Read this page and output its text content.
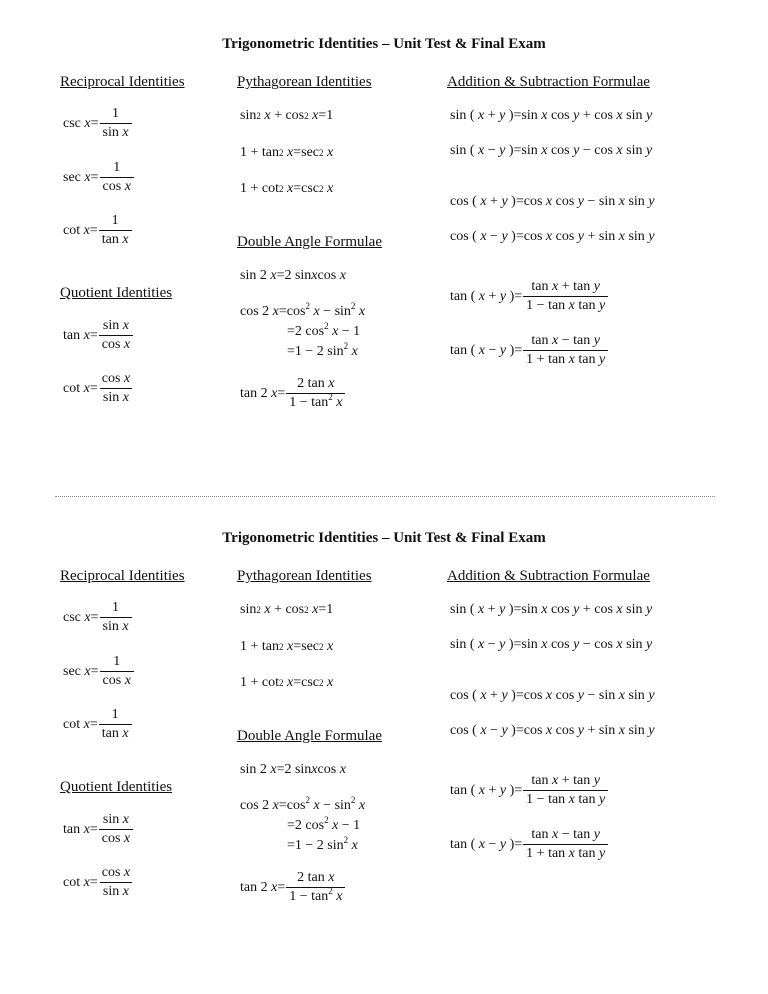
Trigonometric Identities – Unit Test & Final Exam
Reciprocal Identities	Pythagorean Identities	Addition & Subtraction Formulae
csc x =
1
sin x
sec x =
1
cos x
cot x =
1
tan x
Quotient Identities
tan x =
sin x
cos x
cot x =
cos x
sin x
sin 2
x + cos 2
x =1
1 + tan 2
x =sec 2
x
1 + cot 2
x =csc 2
x
Double Angle Formulae
sin 2 x =2 sin x cos x
cos 2 $x=\cos^2$ $x - \sin^2 x$
=2 $\cos^2 x - 1$
=1 − 2 $\sin^2 x$
tan 2 x =
2 tan x
$1 - \tan^2 x$
sin ( x + y )=sin x cos y + cos x sin y
sin ( x − y )=sin x cos y − cos x sin y
cos ( x + y )=cos x cos y − sin x sin y
cos ( x − y )=cos x cos y + sin x sin y
tan ( x + y )=
tan x + tan y
1 − tan x tan y
tan ( x − y )=
tan x − tan y
1 + tan x tan y
Trigonometric Identities – Unit Test & Final Exam
Reciprocal Identities	Pythagorean Identities	Addition & Subtraction Formulae
csc x =
1
sin x
sec x =
1
cos x
cot x =
1
tan x
Quotient Identities
tan x =
sin x
cos x
cot x =
cos x
sin x
sin 2
x + cos 2
x =1
1 + tan 2
x =sec 2
x
1 + cot 2
x =csc 2
x
Double Angle Formulae
sin 2 x =2 sin x cos x
cos 2 $x=\cos^2$ $x - \sin^2 x$
=2 $\cos^2 x - 1$
=1 − 2 $\sin^2 x$
tan 2 x =
2 tan x
$1 - \tan^2 x$
sin ( x + y )=sin x cos y + cos x sin y
sin ( x − y )=sin x cos y − cos x sin y
cos ( x + y )=cos x cos y − sin x sin y
cos ( x − y )=cos x cos y + sin x sin y
tan ( x + y )=
tan x + tan y
1 − tan x tan y
tan ( x − y )=
tan x − tan y
1 + tan x tan y
